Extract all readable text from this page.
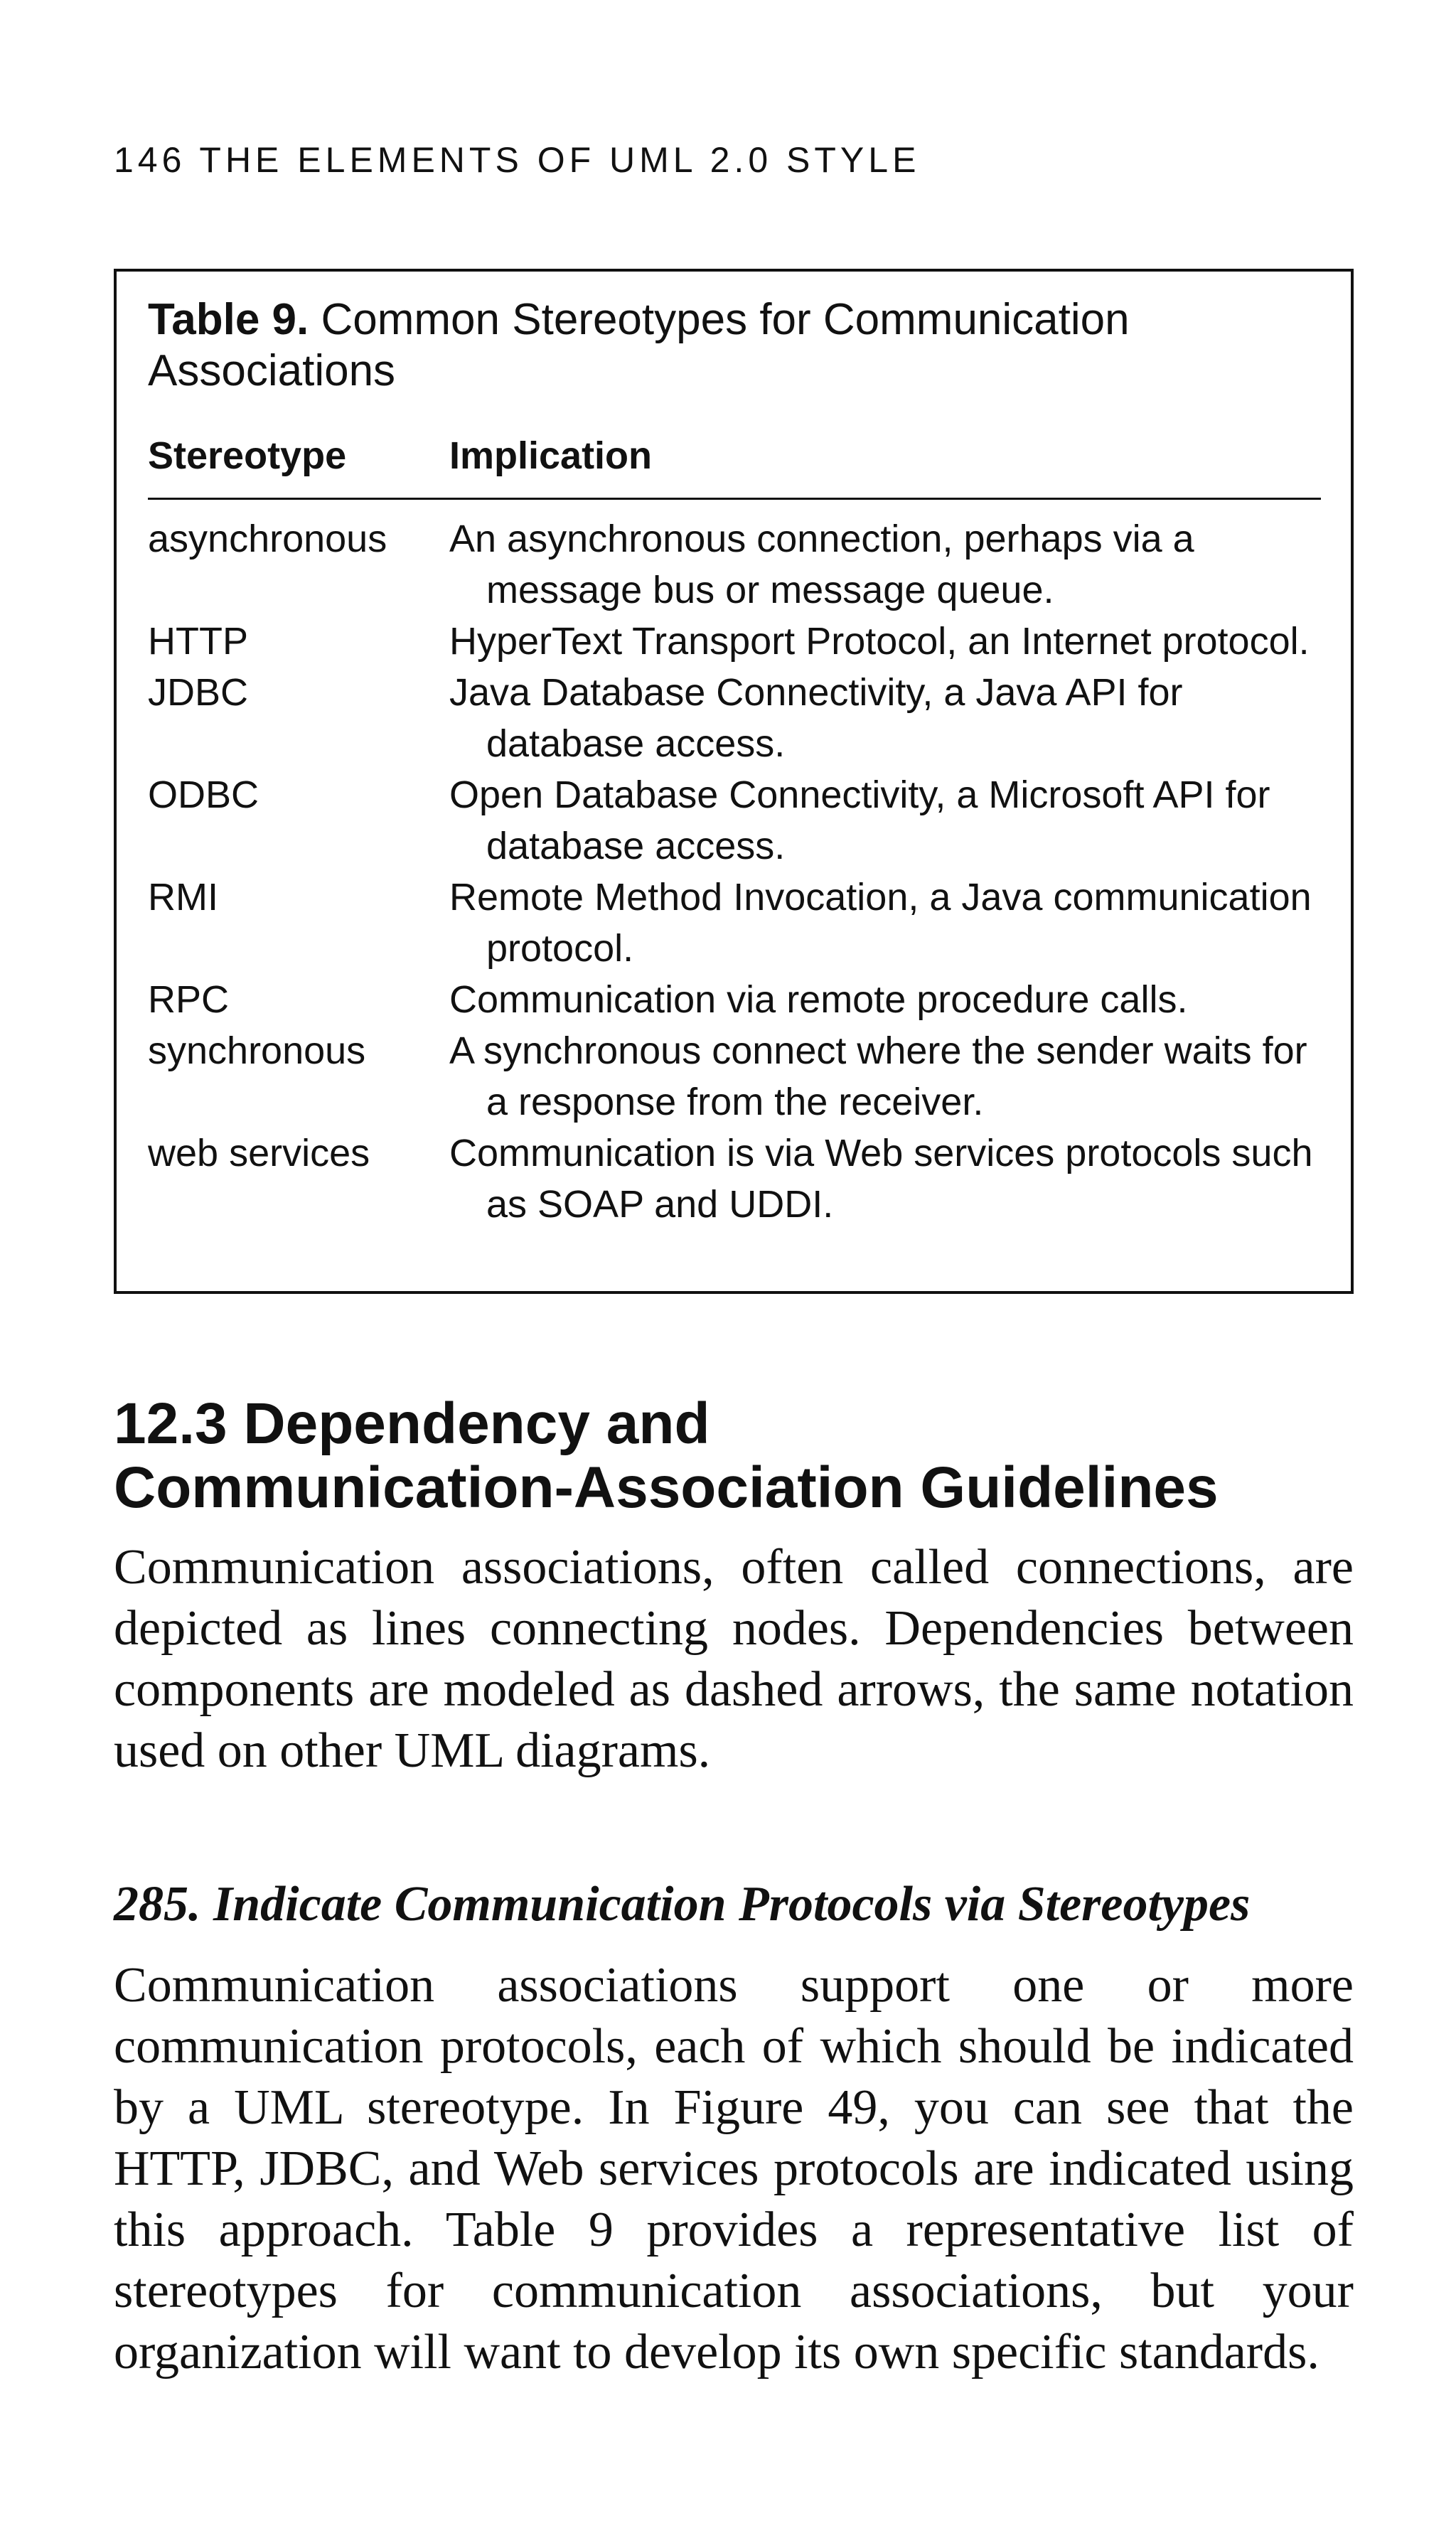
146 THE ELEMENTS OF UML 2.0 STYLE
Table 9. Common Stereotypes for Communication Associations
Stereotype	Implication
asynchronous	An asynchronous connection, perhaps via a message bus or message queue.
HTTP	HyperText Transport Protocol, an Internet protocol.
JDBC	Java Database Connectivity, a Java API for database access.
ODBC	Open Database Connectivity, a Microsoft API for database access.
RMI	Remote Method Invocation, a Java communication protocol.
RPC	Communication via remote procedure calls.
synchronous	A synchronous connect where the sender waits for a response from the receiver.
web services	Communication is via Web services protocols such as SOAP and UDDI.
12.3 Dependency and
Communication-Association Guidelines

Communication associations, often called connections, are depicted as lines connecting nodes. Dependencies between components are modeled as dashed arrows, the same notation used on other UML diagrams.

285. Indicate Communication Protocols via Stereotypes

Communication associations support one or more communication protocols, each of which should be indicated by a UML stereotype. In Figure 49, you can see that the HTTP, JDBC, and Web services protocols are indicated using this approach. Table 9 provides a representative list of stereotypes for communication associations, but your organization will want to develop its own specific standards.
